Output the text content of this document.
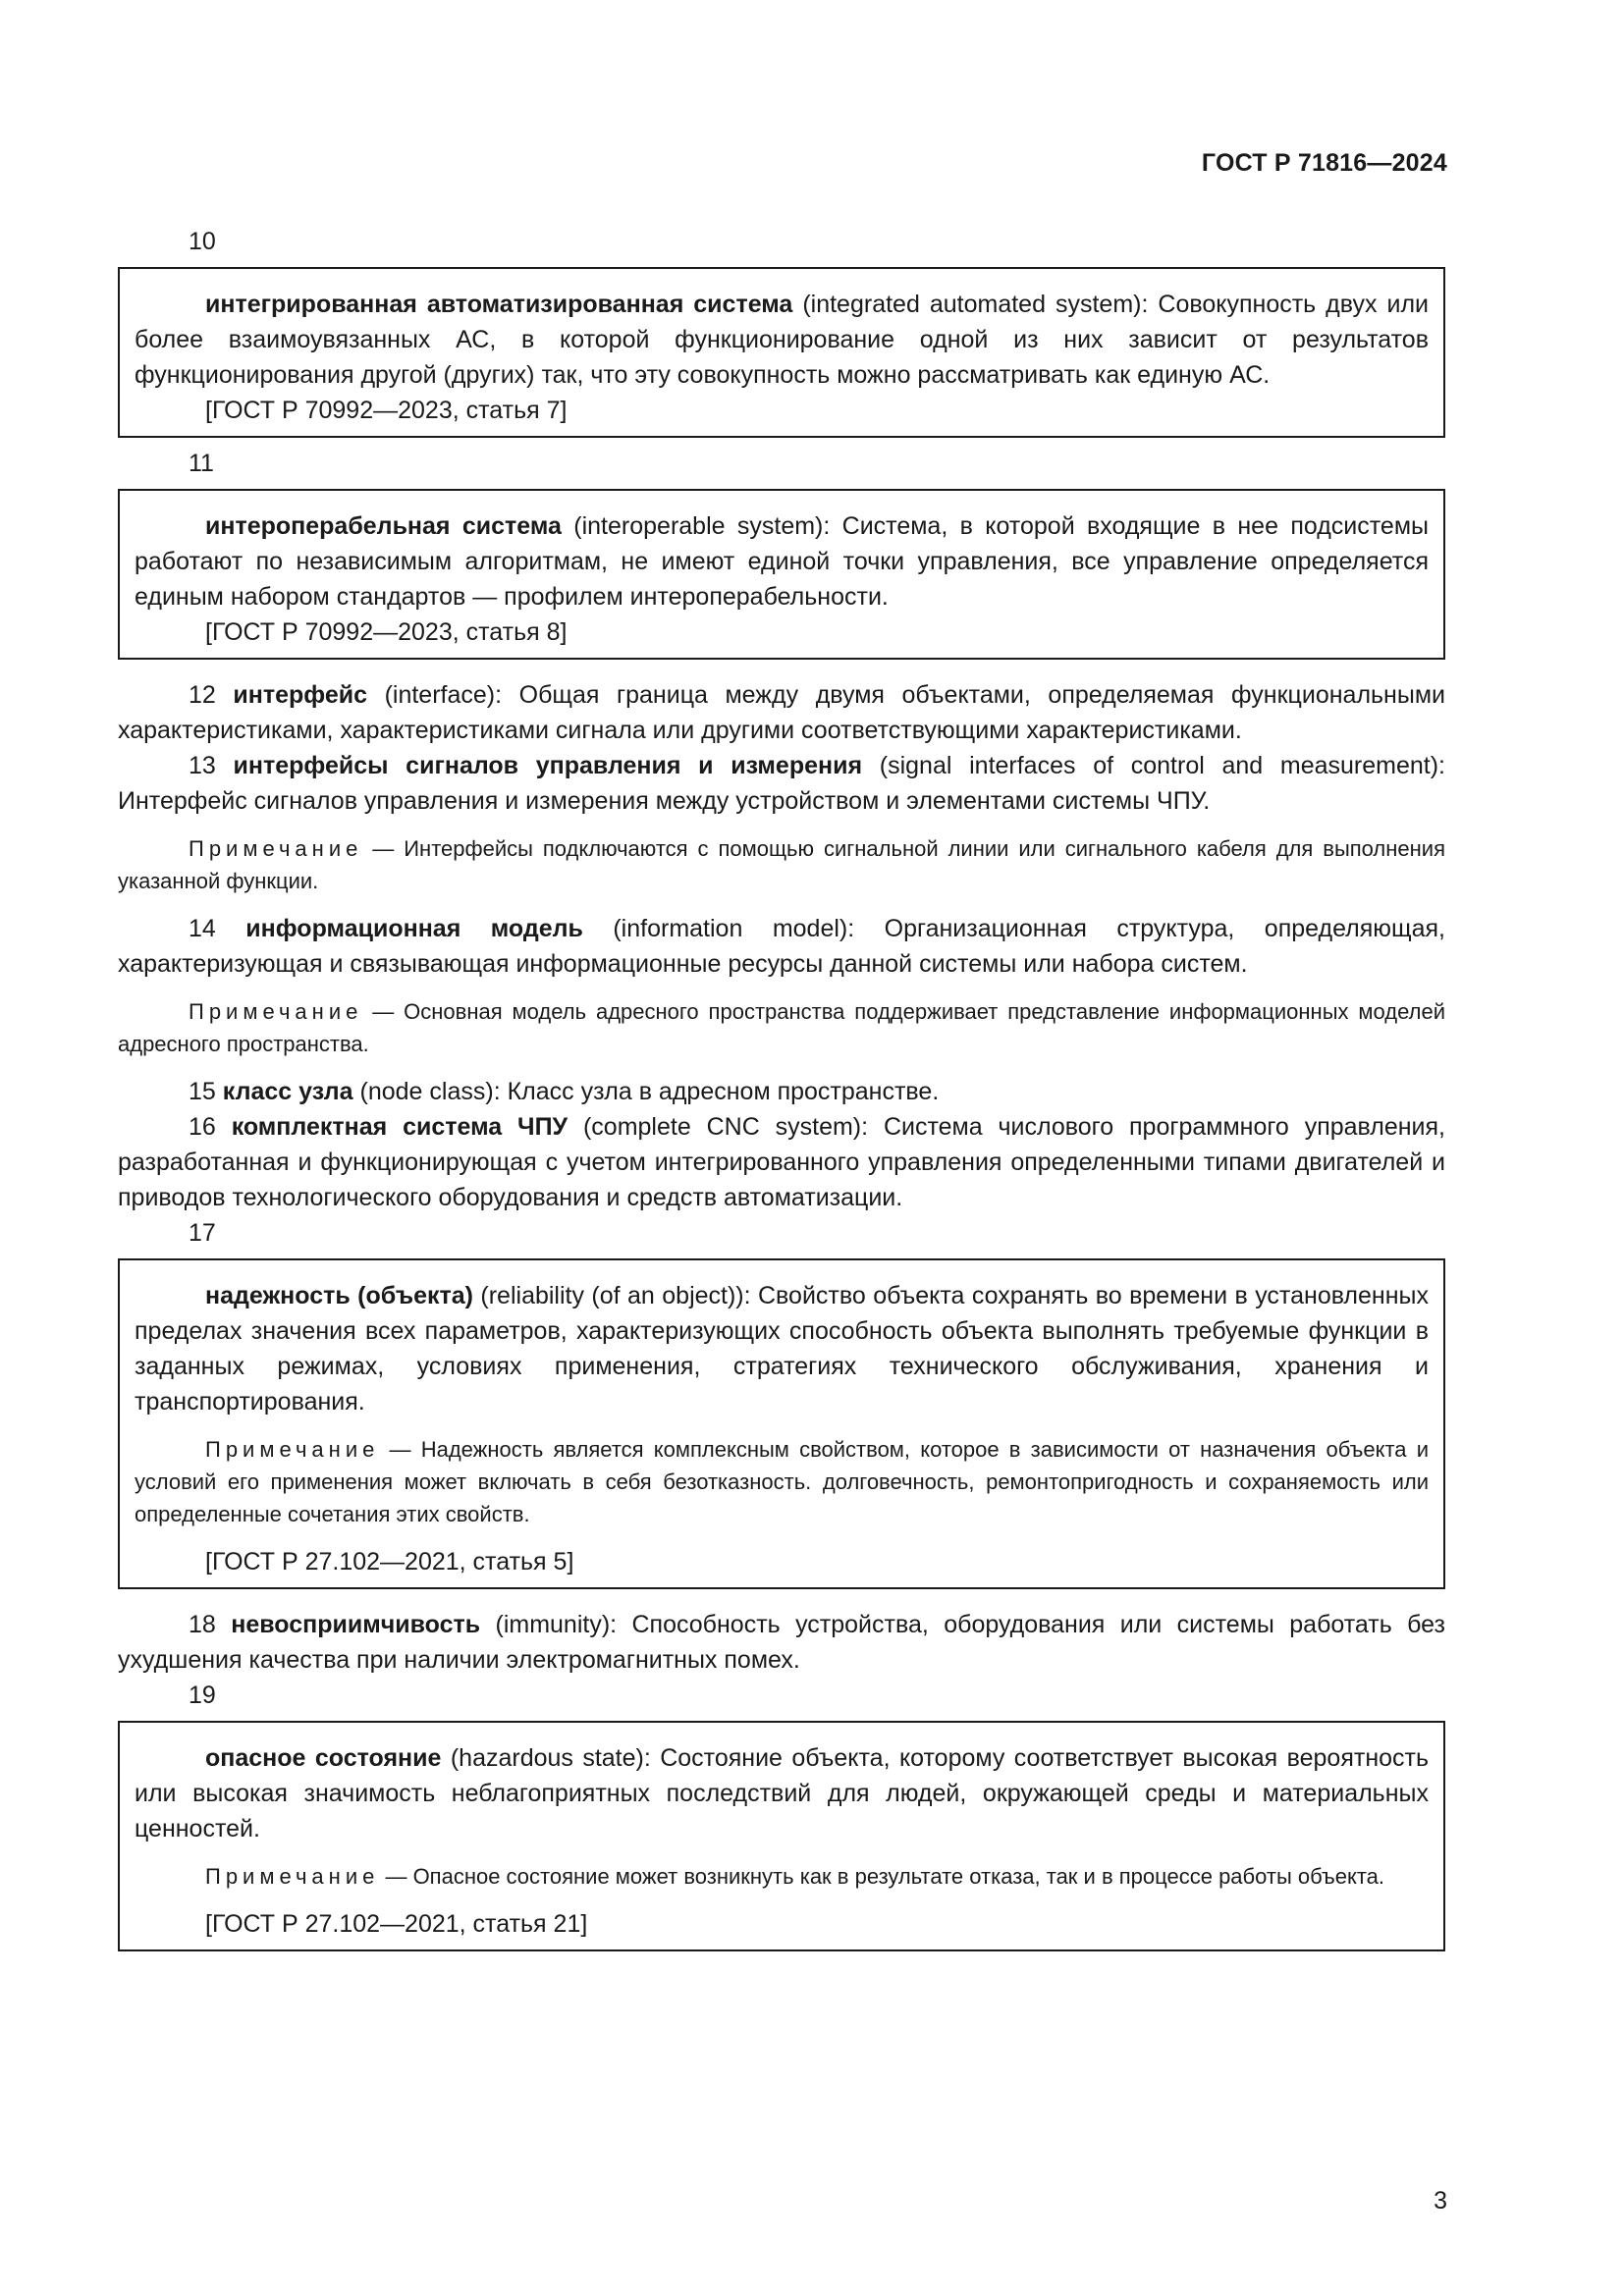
ГОСТ Р 71816—2024
10

интегрированная автоматизированная система (integrated automated system): Совокупность двух или более взаимоувязанных АС, в которой функционирование одной из них зависит от результатов функционирования другой (других) так, что эту совокупность можно рассматривать как единую АС.

[ГОСТ Р 70992—2023, статья 7]

11

интероперабельная система (interoperable system): Система, в которой входящие в нее подсистемы работают по независимым алгоритмам, не имеют единой точки управления, все управление определяется единым набором стандартов — профилем интероперабельности.

[ГОСТ Р 70992—2023, статья 8]

12 интерфейс (interface): Общая граница между двумя объектами, определяемая функциональными характеристиками, характеристиками сигнала или другими соответствующими характеристиками.

13 интерфейсы сигналов управления и измерения (signal interfaces of control and measurement): Интерфейс сигналов управления и измерения между устройством и элементами системы ЧПУ.

Примечание — Интерфейсы подключаются с помощью сигнальной линии или сигнального кабеля для выполнения указанной функции.

14 информационная модель (information model): Организационная структура, определяющая, характеризующая и связывающая информационные ресурсы данной системы или набора систем.

Примечание — Основная модель адресного пространства поддерживает представление информационных моделей адресного пространства.

15 класс узла (node class): Класс узла в адресном пространстве.

16 комплектная система ЧПУ (complete CNC system): Система числового программного управления, разработанная и функционирующая с учетом интегрированного управления определенными типами двигателей и приводов технологического оборудования и средств автоматизации.

17

надежность (объекта) (reliability (of an object)): Свойство объекта сохранять во времени в установленных пределах значения всех параметров, характеризующих способность объекта выполнять требуемые функции в заданных режимах, условиях применения, стратегиях технического обслуживания, хранения и транспортирования.

Примечание — Надежность является комплексным свойством, которое в зависимости от назначения объекта и условий его применения может включать в себя безотказность. долговечность, ремонтопригодность и сохраняемость или определенные сочетания этих свойств.

[ГОСТ Р 27.102—2021, статья 5]

18 невосприимчивость (immunity): Способность устройства, оборудования или системы работать без ухудшения качества при наличии электромагнитных помех.

19

опасное состояние (hazardous state): Состояние объекта, которому соответствует высокая вероятность или высокая значимость неблагоприятных последствий для людей, окружающей среды и материальных ценностей.

Примечание — Опасное состояние может возникнуть как в результате отказа, так и в процессе работы объекта.

[ГОСТ Р 27.102—2021, статья 21]

3
